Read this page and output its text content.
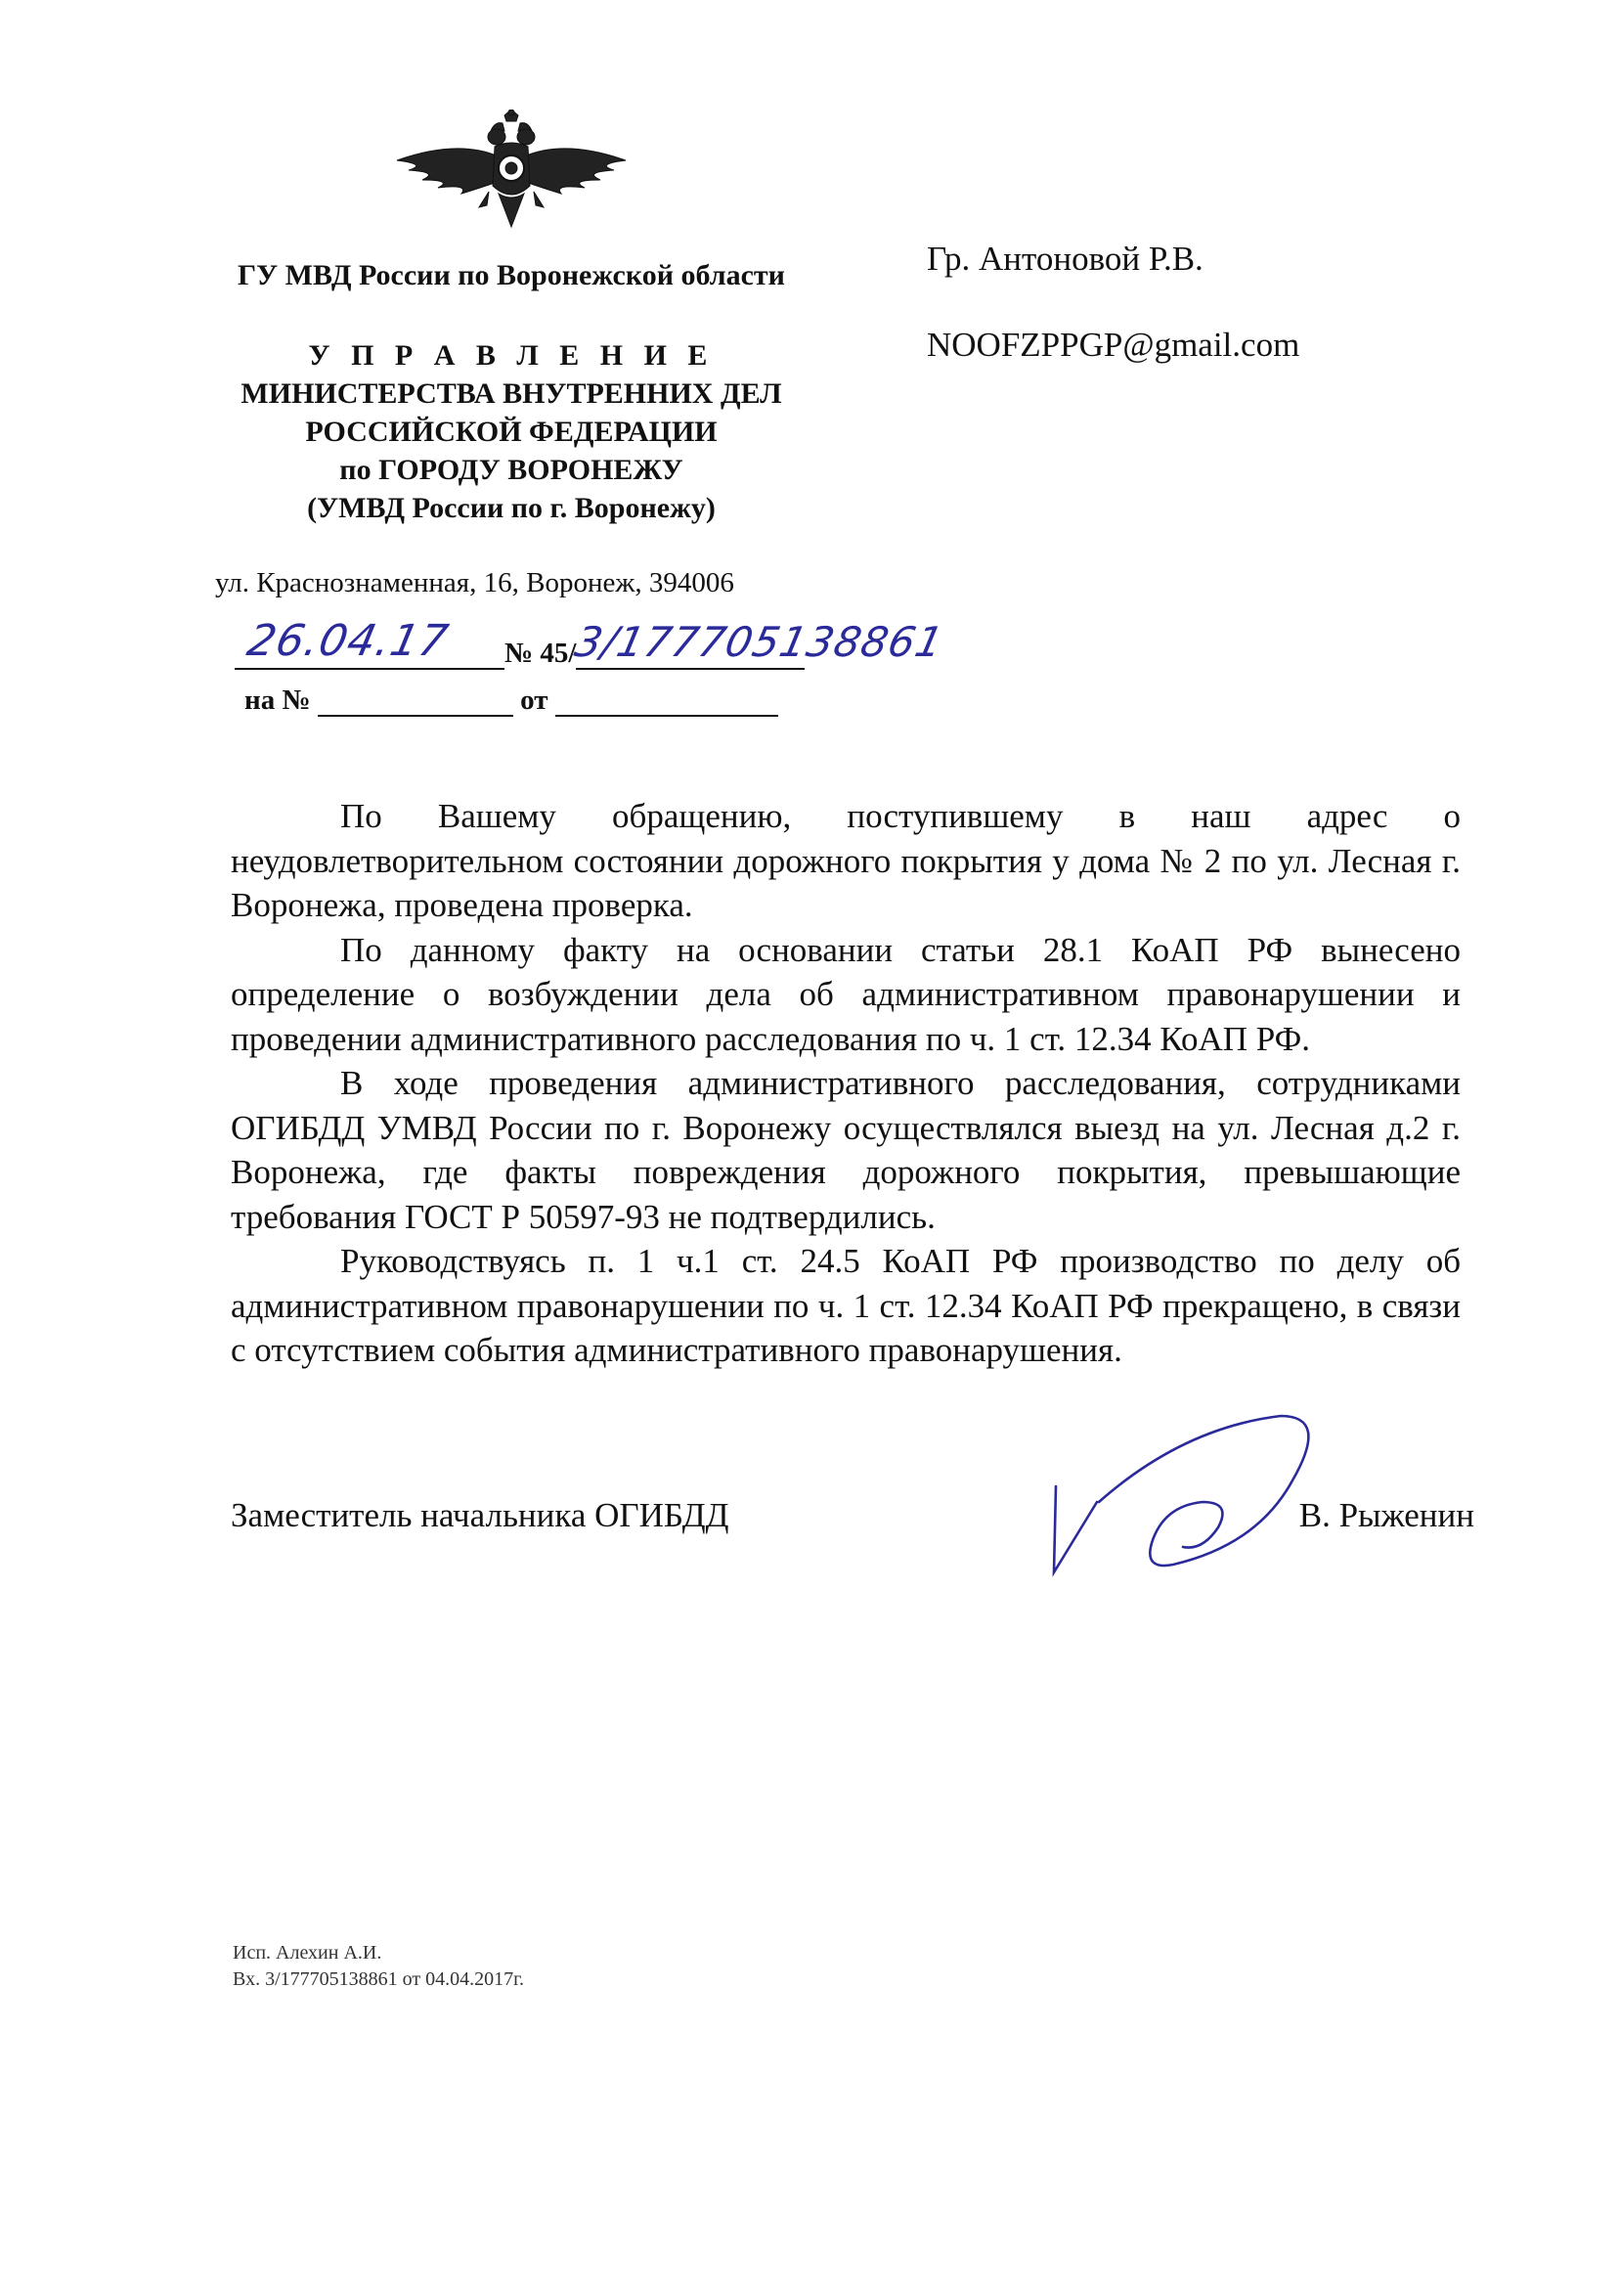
ГУ МВД России по Воронежской области

У П Р А В Л Е Н И Е
МИНИСТЕРСТВА ВНУТРЕННИХ ДЕЛ
РОССИЙСКОЙ ФЕДЕРАЦИИ
по ГОРОДУ ВОРОНЕЖУ
(УМВД России по г. Воронежу)
ул. Краснознаменная, 16, Воронеж, 394006
Гр. Антоновой Р.В.
NOOFZPPGP@gmail.com
26.04.17 № 45/
3/177705138861
на №	от

По Вашему обращению, поступившему в наш адрес о неудовлетворительном состоянии дорожного покрытия у дома № 2 по ул. Лесная г. Воронежа, проведена проверка.

По данному факту на основании статьи 28.1 КоАП РФ вынесено определение о возбуждении дела об административном правонарушении и проведении административного расследования по ч. 1 ст. 12.34 КоАП РФ.

В ходе проведения административного расследования, сотрудниками ОГИБДД УМВД России по г. Воронежу осуществлялся выезд на ул. Лесная д.2 г. Воронежа, где факты повреждения дорожного покрытия, превышающие требования ГОСТ Р 50597-93 не подтвердились.

Руководствуясь п. 1 ч.1 ст. 24.5 КоАП РФ производство по делу об административном правонарушении по ч. 1 ст. 12.34 КоАП РФ прекращено, в связи с отсутствием события административного правонарушения.

Заместитель начальника ОГИБДД	В. Рыженин
Исп. Алехин А.И.
Вх. 3/177705138861 от 04.04.2017г.
